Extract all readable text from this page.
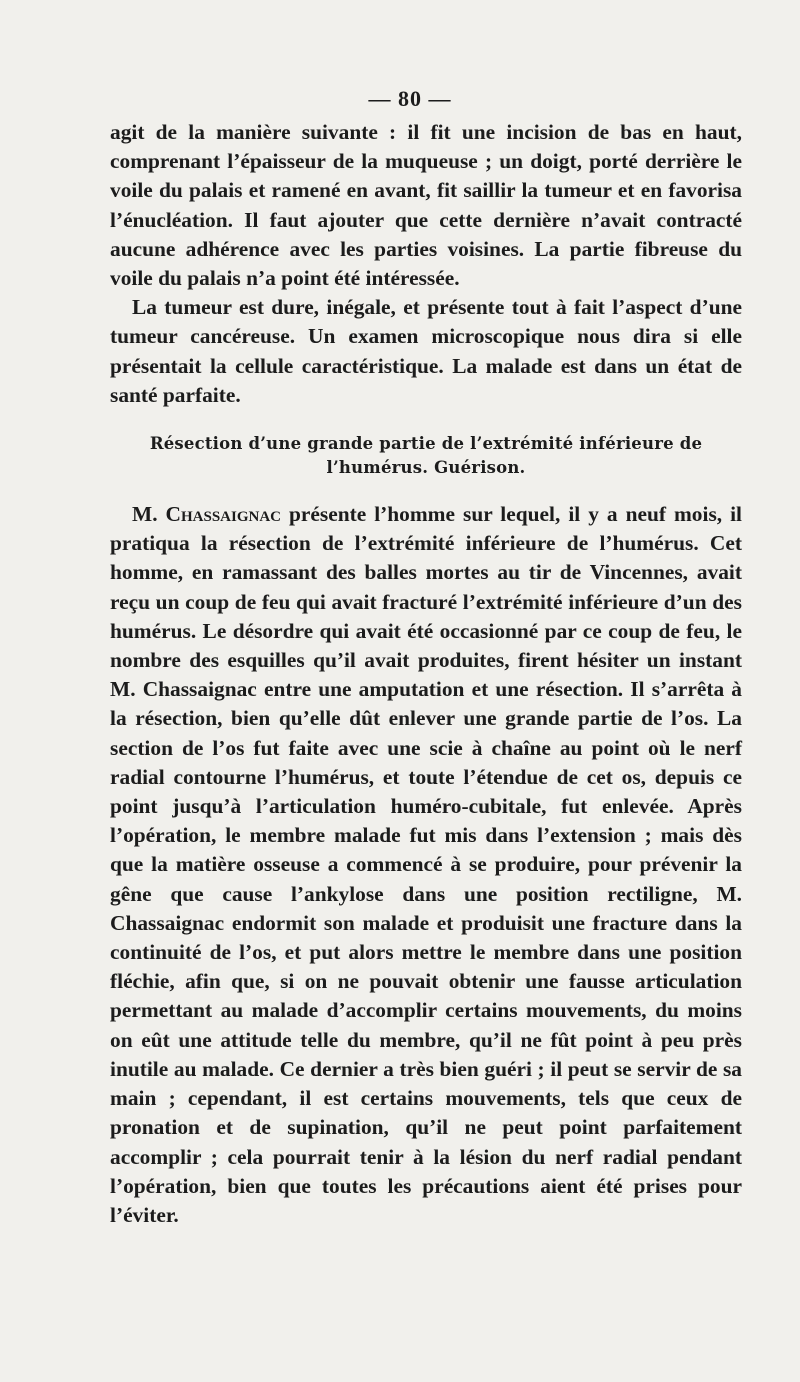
— 80 —

agit de la manière suivante : il fit une incision de bas en haut, comprenant l’épaisseur de la muqueuse ; un doigt, porté derrière le voile du palais et ramené en avant, fit saillir la tumeur et en favorisa l’énucléation. Il faut ajouter que cette dernière n’avait contracté aucune adhérence avec les parties voisines. La partie fibreuse du voile du palais n’a point été intéressée.

La tumeur est dure, inégale, et présente tout à fait l’aspect d’une tumeur cancéreuse. Un examen microscopique nous dira si elle présentait la cellule caractéristique. La malade est dans un état de santé parfaite.

Résection d’une grande partie de l’extrémité inférieure de
l’humérus. Guérison.

M. Chassaignac présente l’homme sur lequel, il y a neuf mois, il pratiqua la résection de l’extrémité inférieure de l’humérus. Cet homme, en ramassant des balles mortes au tir de Vincennes, avait reçu un coup de feu qui avait fracturé l’extrémité inférieure d’un des humérus. Le désordre qui avait été occasionné par ce coup de feu, le nombre des esquilles qu’il avait produites, firent hésiter un instant M. Chassaignac entre une amputation et une résection. Il s’arrêta à la résection, bien qu’elle dût enlever une grande partie de l’os. La section de l’os fut faite avec une scie à chaîne au point où le nerf radial contourne l’humérus, et toute l’étendue de cet os, depuis ce point jusqu’à l’articulation huméro-cubitale, fut enlevée. Après l’opération, le membre malade fut mis dans l’extension ; mais dès que la matière osseuse a commencé à se produire, pour prévenir la gêne que cause l’ankylose dans une position rectiligne, M. Chassaignac endormit son malade et produisit une fracture dans la continuité de l’os, et put alors mettre le membre dans une position fléchie, afin que, si on ne pouvait obtenir une fausse articulation permettant au malade d’accomplir certains mouvements, du moins on eût une attitude telle du membre, qu’il ne fût point à peu près inutile au malade. Ce dernier a très bien guéri ; il peut se servir de sa main ; cependant, il est certains mouvements, tels que ceux de pronation et de supination, qu’il ne peut point parfaitement accomplir ; cela pourrait tenir à la lésion du nerf radial pendant l’opération, bien que toutes les précautions aient été prises pour l’éviter.
